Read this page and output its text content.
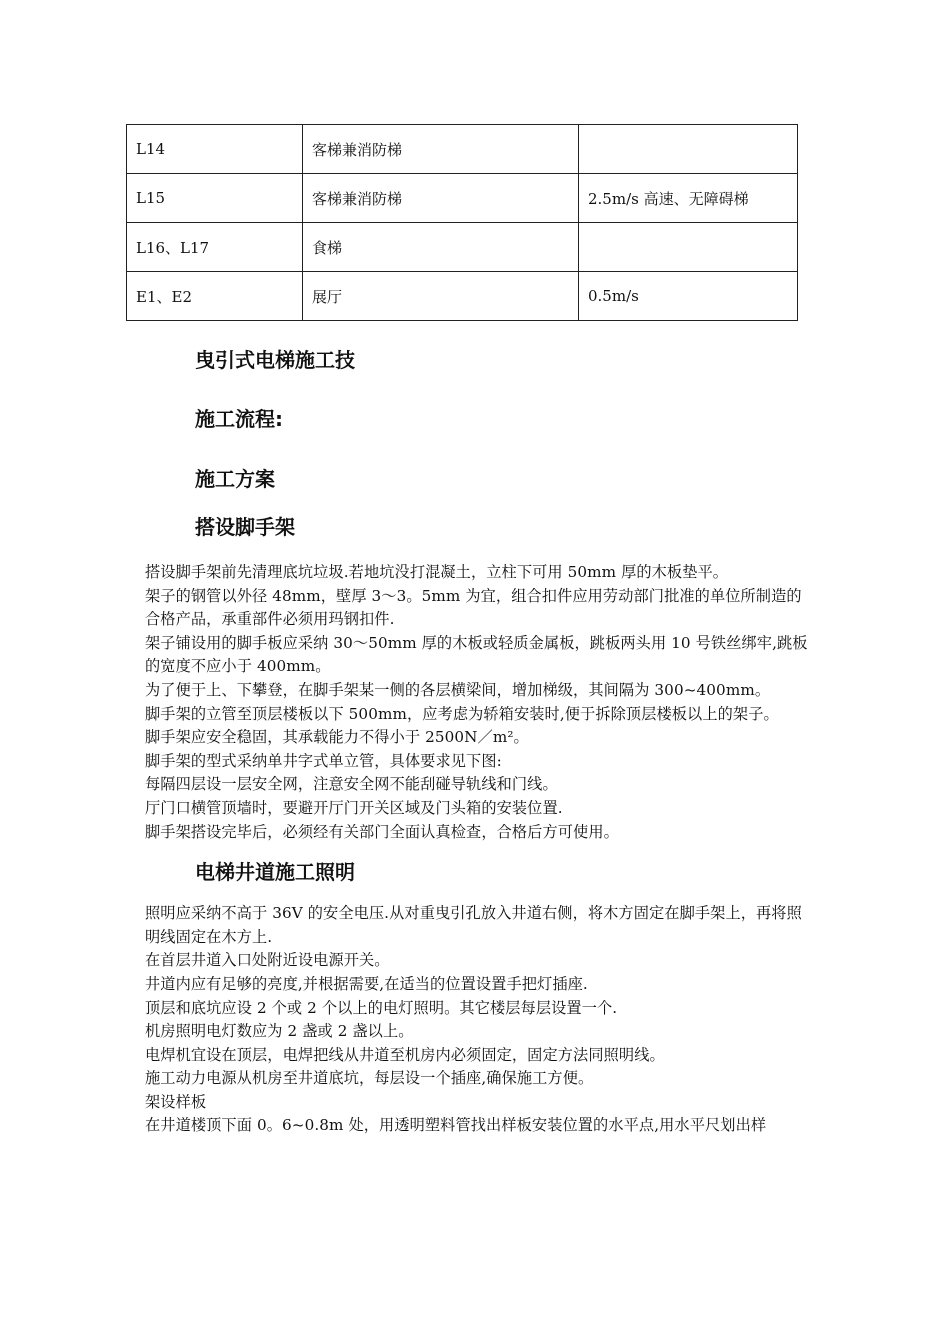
L14	客梯兼消防梯	
L15	客梯兼消防梯	2.5m/s 高速、无障碍梯
L16、L17	食梯	
E1、E2	展厅	0.5m/s
曳引式电梯施工技
施工流程:
施工方案
搭设脚手架

搭设脚手架前先清理底坑垃圾.若地坑没打混凝土，立柱下可用 50mm 厚的木板垫平。

架子的钢管以外径 48mm，壁厚 3～3。5mm 为宜，组合扣件应用劳动部门批准的单位所制造的合格产品，承重部件必须用玛钢扣件.

架子铺设用的脚手板应采纳 30～50mm 厚的木板或轻质金属板，跳板两头用 10 号铁丝绑牢,跳板的宽度不应小于 400mm。

为了便于上、下攀登，在脚手架某一侧的各层横梁间，增加梯级，其间隔为 300~400mm。

脚手架的立管至顶层楼板以下 500mm，应考虑为轿箱安装时,便于拆除顶层楼板以上的架子。

脚手架应安全稳固，其承载能力不得小于 2500N／m²。

脚手架的型式采纳单井字式单立管，具体要求见下图:

每隔四层设一层安全网，注意安全网不能刮碰导轨线和门线。

厅门口横管顶墙时，要避开厅门开关区域及门头箱的安装位置.

脚手架搭设完毕后，必须经有关部门全面认真检查，合格后方可使用。

电梯井道施工照明

照明应采纳不高于 36V 的安全电压.从对重曳引孔放入井道右侧，将木方固定在脚手架上，再将照明线固定在木方上.

在首层井道入口处附近设电源开关。

井道内应有足够的亮度,并根据需要,在适当的位置设置手把灯插座.

顶层和底坑应设 2 个或 2 个以上的电灯照明。其它楼层每层设置一个.

机房照明电灯数应为 2 盏或 2 盏以上。

电焊机宜设在顶层，电焊把线从井道至机房内必须固定，固定方法同照明线。

施工动力电源从机房至井道底坑，每层设一个插座,确保施工方便。

架设样板

在井道楼顶下面 0。6~0.8m 处，用透明塑料管找出样板安装位置的水平点,用水平尺划出样
